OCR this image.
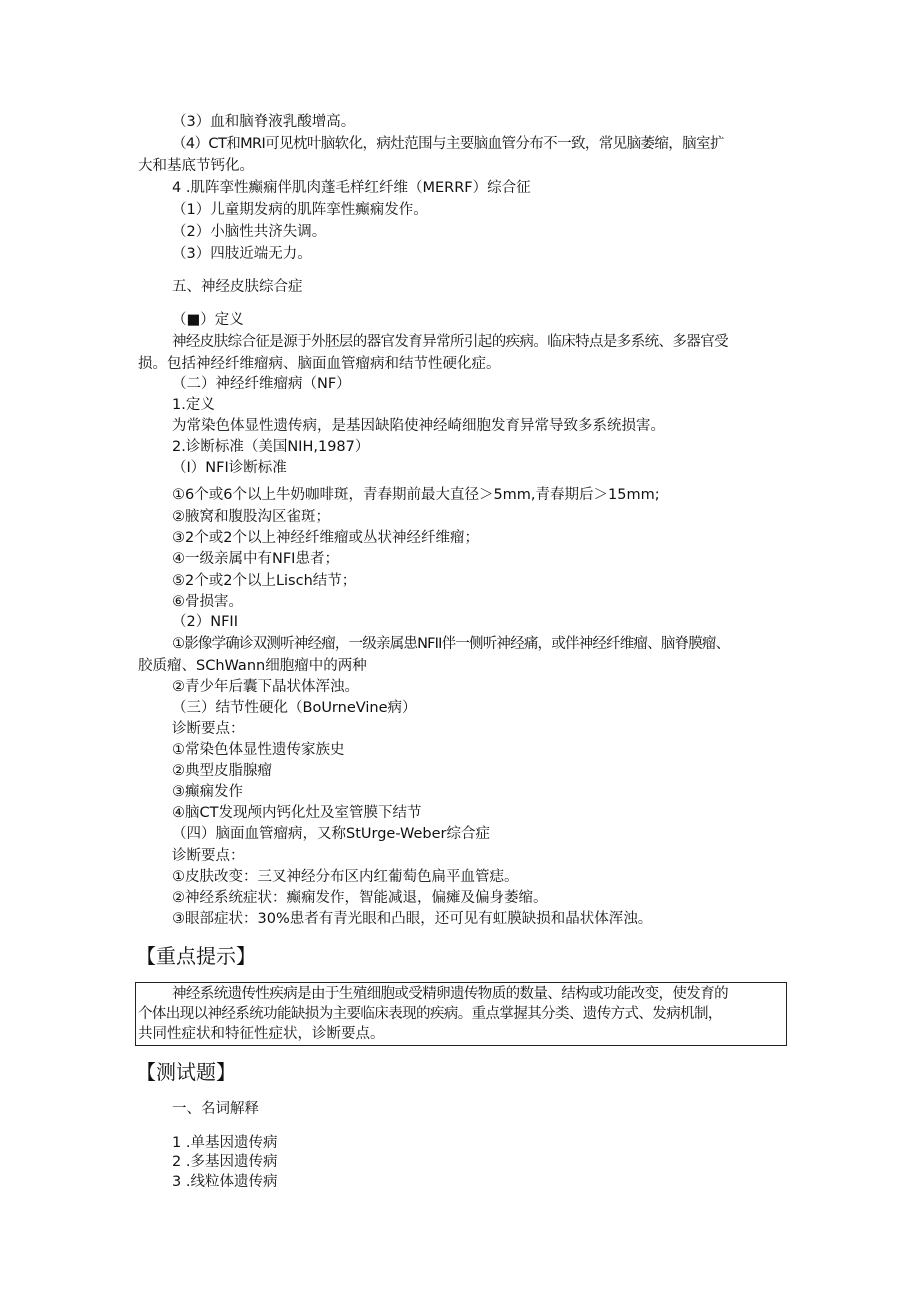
（3）血和脑脊液乳酸增高。
（4）CT和MRI可见枕叶脑软化，病灶范围与主要脑血管分布不一致，常见脑萎缩，脑室扩
大和基底节钙化。
4 .肌阵挛性癫痫伴肌肉蓬毛样红纤维（MERRF）综合征
（1）儿童期发病的肌阵挛性癫痫发作。
（2）小脑性共济失调。
（3）四肢近端无力。
五、神经皮肤综合症
（■）定义
神经皮肤综合征是源于外胚层的器官发育异常所引起的疾病。临床特点是多系统、多器官受
损。包括神经纤维瘤病、脑面血管瘤病和结节性硬化症。
（二）神经纤维瘤病（NF）
1.定义
为常染色体显性遗传病，是基因缺陷使神经崎细胞发育异常导致多系统损害。
2.诊断标准（美国NIH,1987）
（I）NFI诊断标准
①6个或6个以上牛奶咖啡斑，青春期前最大直径＞5mm,青春期后＞15mm;
②腋窝和腹股沟区雀斑；
③2个或2个以上神经纤维瘤或丛状神经纤维瘤；
④一级亲属中有NFI患者；
⑤2个或2个以上Lisch结节；
⑥骨损害。
（2）NFII
①影像学确诊双测听神经瘤，一级亲属患NFII伴一侧听神经痛，或伴神经纤维瘤、脑脊膜瘤、
胶质瘤、SChWann细胞瘤中的两种
②青少年后囊下晶状体浑浊。
（三）结节性硬化（BoUrneVine病）
诊断要点：
①常染色体显性遗传家族史
②典型皮脂腺瘤
③癫痫发作
④脑CT发现颅内钙化灶及室管膜下结节
（四）脑面血管瘤病，又称StUrge-Weber综合症
诊断要点：
①皮肤改变：三叉神经分布区内红葡萄色扁平血管痣。
②神经系统症状：癫痫发作，智能减退，偏瘫及偏身萎缩。
③眼部症状：30%患者有青光眼和凸眼，还可见有虹膜缺损和晶状体浑浊。
【重点提示】
神经系统遗传性疾病是由于生殖细胞或受精卵遗传物质的数量、结构或功能改变，使发育的
个体出现以神经系统功能缺损为主要临床表现的疾病。重点掌握其分类、遗传方式、发病机制，
共同性症状和特征性症状，诊断要点。
【测试题】
一、名词解释
1 .单基因遗传病
2 .多基因遗传病
3 .线粒体遗传病
